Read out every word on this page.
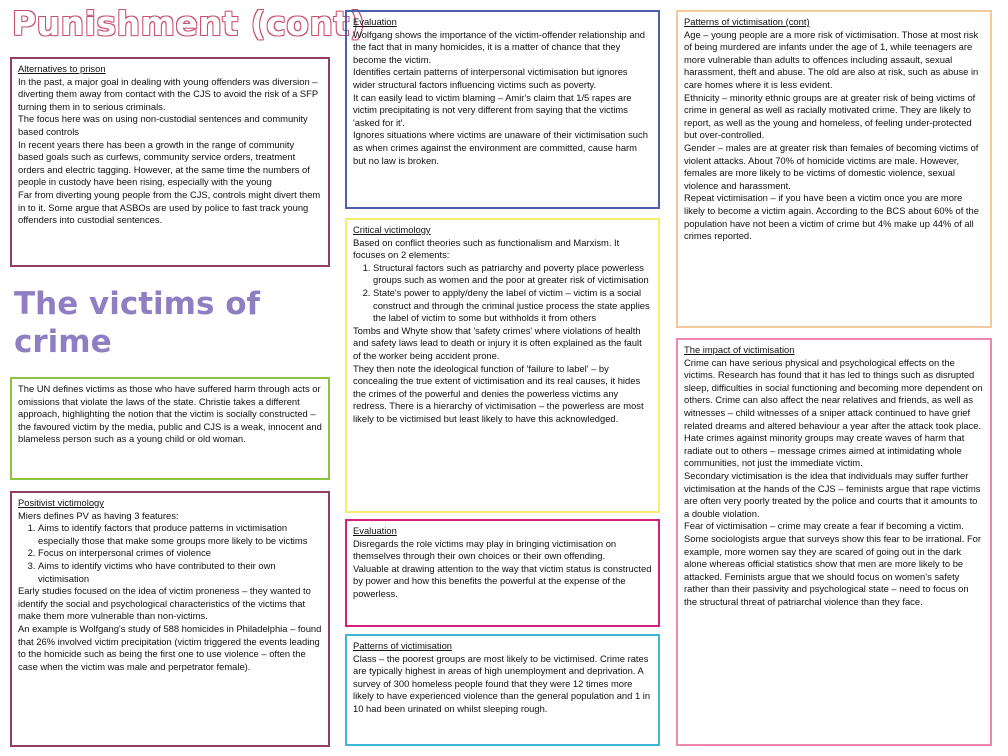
Punishment (cont)

Alternatives to prison

In the past, a major goal in dealing with young offenders was diversion – diverting them away from contact with the CJS to avoid the risk of a SFP turning them in to serious criminals.

The focus here was on using non-custodial sentences and community based controls

In recent years there has been a growth in the range of community based goals such as curfews, community service orders, treatment orders and electric tagging. However, at the same time the numbers of people in custody have been rising, especially with the young

Far from diverting young people from the CJS, controls might divert them in to it. Some argue that ASBOs are used by police to fast track young offenders into custodial sentences.

The victims of
crime

The UN defines victims as those who have suffered harm through acts or omissions that violate the laws of the state. Christie takes a different approach, highlighting the notion that the victim is socially constructed – the favoured victim by the media, public and CJS is a weak, innocent and blameless person such as a young child or old woman.

Positivist victimology

Miers defines PV as having 3 features:

1. Aims to identify factors that produce patterns in victimisation especially those that make some groups more likely to be victims
2. Focus on interpersonal crimes of violence
3. Aims to identify victims who have contributed to their own victimisation

Early studies focused on the idea of victim proneness – they wanted to identify the social and psychological characteristics of the victims that make them more vulnerable than non-victims.

An example is Wolfgang's study of 588 homicides in Philadelphia – found that 26% involved victim precipitation (victim triggered the events leading to the homicide such as being the first one to use violence – often the case when the victim was male and perpetrator female).

Evaluation

Wolfgang shows the importance of the victim-offender relationship and the fact that in many homicides, it is a matter of chance that they become the victim.

Identifies certain patterns of interpersonal victimisation but ignores wider structural factors influencing victims such as poverty.

It can easily lead to victim blaming – Amir's claim that 1/5 rapes are victim precipitating is not very different from saying that the victims 'asked for it'.

Ignores situations where victims are unaware of their victimisation such as when crimes against the environment are committed, cause harm but no law is broken.

Critical victimology

Based on conflict theories such as functionalism and Marxism. It focuses on 2 elements:

1. Structural factors such as patriarchy and poverty place powerless groups such as women and the poor at greater risk of victimisation
2. State's power to apply/deny the label of victim – victim is a social construct and through the criminal justice process the state applies the label of victim to some but withholds it from others

Tombs and Whyte show that 'safety crimes' where violations of health and safety laws lead to death or injury it is often explained as the fault of the worker being accident prone.

They then note the ideological function of 'failure to label' – by concealing the true extent of victimisation and its real causes, it hides the crimes of the powerful and denies the powerless victims any redress. There is a hierarchy of victimisation – the powerless are most likely to be victimised but least likely to have this acknowledged.

Evaluation

Disregards the role victims may play in bringing victimisation on themselves through their own choices or their own offending.

Valuable at drawing attention to the way that victim status is constructed by power and how this benefits the powerful at the expense of the powerless.

Patterns of victimisation

Class – the poorest groups are most likely to be victimised. Crime rates are typically highest in areas of high unemployment and deprivation. A survey of 300 homeless people found that they were 12 times more likely to have experienced violence than the general population and 1 in 10 had been urinated on whilst sleeping rough.

Patterns of victimisation (cont)

Age – young people are a more risk of victimisation. Those at most risk of being murdered are infants under the age of 1, while teenagers are more vulnerable than adults to offences including assault, sexual harassment, theft and abuse. The old are also at risk, such as abuse in care homes where it is less evident.

Ethnicity – minority ethnic groups are at greater risk of being victims of crime in general as well as racially motivated crime. They are likely to report, as well as the young and homeless, of feeling under-protected but over-controlled.

Gender – males are at greater risk than females of becoming victims of violent attacks. About 70% of homicide victims are male. However, females are more likely to be victims of domestic violence, sexual violence and harassment.

Repeat victimisation – if you have been a victim once you are more likely to become a victim again. According to the BCS about 60% of the population have not been a victim of crime but 4% make up 44% of all crimes reported.

The impact of victimisation

Crime can have serious physical and psychological effects on the victims. Research has found that it has led to things such as disrupted sleep, difficulties in social functioning and becoming more dependent on others. Crime can also affect the near relatives and friends, as well as witnesses – child witnesses of a sniper attack continued to have grief related dreams and altered behaviour a year after the attack took place.

Hate crimes against minority groups may create waves of harm that radiate out to others – message crimes aimed at intimidating whole communities, not just the immediate victim.

Secondary victimisation is the idea that individuals may suffer further victimisation at the hands of the CJS – feminists argue that rape victims are often very poorly treated by the police and courts that it amounts to a double violation.

Fear of victimisation – crime may create a fear if becoming a victim. Some sociologists argue that surveys show this fear to be irrational. For example, more women say they are scared of going out in the dark alone whereas official statistics show that men are more likely to be attacked. Feminists argue that we should focus on women's safety rather than their passivity and psychological state – need to focus on the structural threat of patriarchal violence than they face.
